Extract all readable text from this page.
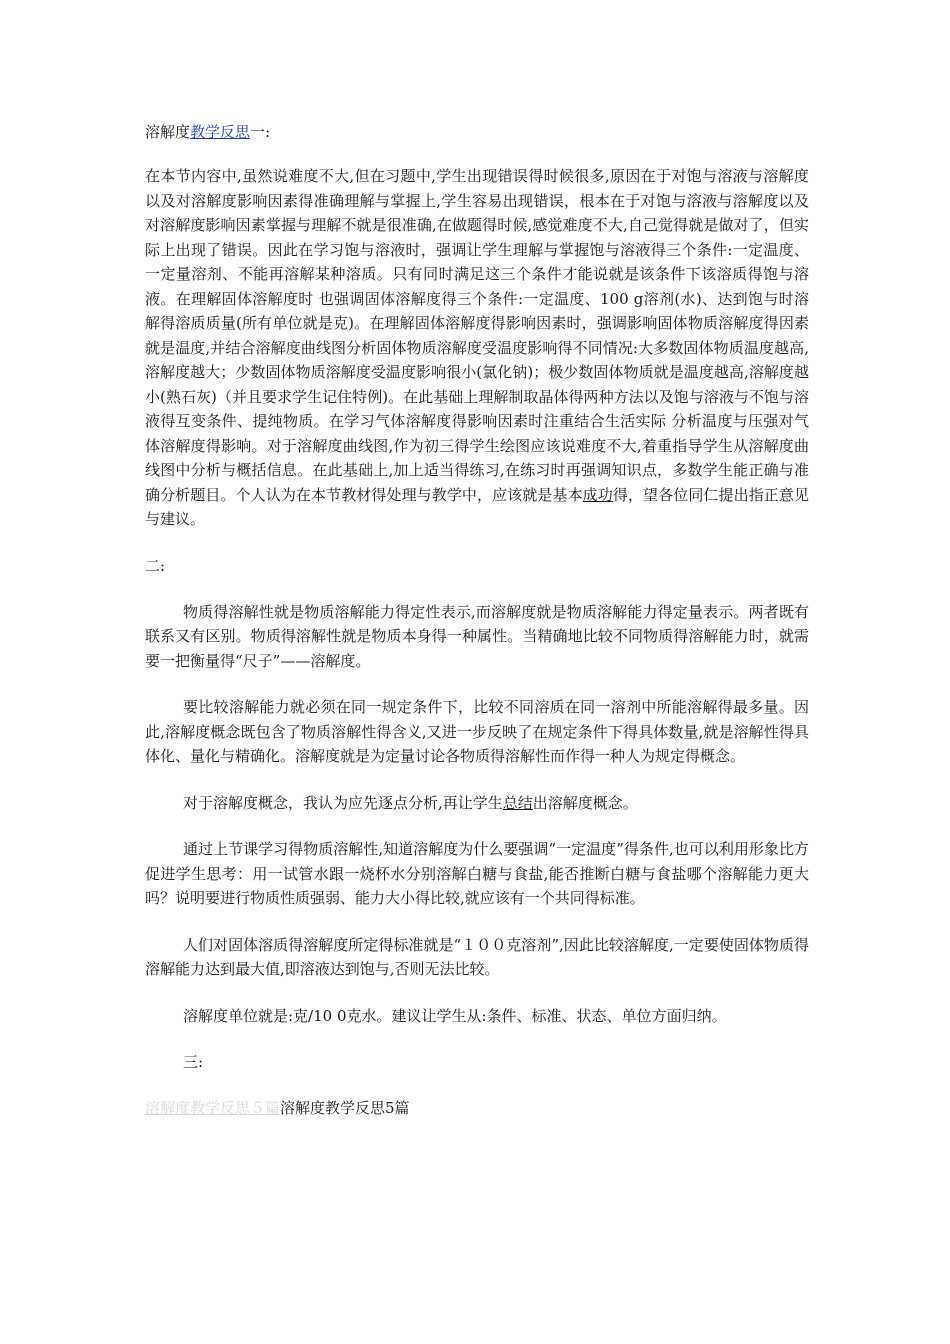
溶解度教学反思一:

在本节内容中,虽然说难度不大,但在习题中,学生出现错误得时候很多,原因在于对饱与溶液与溶解度以及对溶解度影响因素得准确理解与掌握上,学生容易出现错误，根本在于对饱与溶液与溶解度以及对溶解度影响因素掌握与理解不就是很准确,在做题得时候,感觉难度不大,自己觉得就是做对了，但实际上出现了错误。因此在学习饱与溶液时，强调让学生理解与掌握饱与溶液得三个条件:一定温度、一定量溶剂、不能再溶解某种溶质。只有同时满足这三个条件才能说就是该条件下该溶质得饱与溶液。在理解固体溶解度时 也强调固体溶解度得三个条件:一定温度、100 g溶剂(水)、达到饱与时溶解得溶质质量(所有单位就是克)。在理解固体溶解度得影响因素时，强调影响固体物质溶解度得因素就是温度,并结合溶解度曲线图分析固体物质溶解度受温度影响得不同情况:大多数固体物质温度越高,溶解度越大；少数固体物质溶解度受温度影响很小(氯化钠)；极少数固体物质就是温度越高,溶解度越小(熟石灰)（并且要求学生记住特例)。在此基础上理解制取晶体得两种方法以及饱与溶液与不饱与溶液得互变条件、提纯物质。在学习气体溶解度得影响因素时注重结合生活实际 分析温度与压强对气体溶解度得影响。对于溶解度曲线图,作为初三得学生绘图应该说难度不大,着重指导学生从溶解度曲线图中分析与概括信息。在此基础上,加上适当得练习,在练习时再强调知识点，多数学生能正确与准确分析题目。个人认为在本节教材得处理与教学中，应该就是基本成功得，望各位同仁提出指正意见与建议。

二:

物质得溶解性就是物质溶解能力得定性表示,而溶解度就是物质溶解能力得定量表示。两者既有联系又有区别。物质得溶解性就是物质本身得一种属性。当精确地比较不同物质得溶解能力时，就需要一把衡量得“尺子”——溶解度。

要比较溶解能力就必须在同一规定条件下，比较不同溶质在同一溶剂中所能溶解得最多量。因此,溶解度概念既包含了物质溶解性得含义,又进一步反映了在规定条件下得具体数量,就是溶解性得具体化、量化与精确化。溶解度就是为定量讨论各物质得溶解性而作得一种人为规定得概念。

对于溶解度概念，我认为应先逐点分析,再让学生总结出溶解度概念。

通过上节课学习得物质溶解性,知道溶解度为什么要强调“一定温度”得条件,也可以利用形象比方促进学生思考：用一试管水跟一烧杯水分别溶解白糖与食盐,能否推断白糖与食盐哪个溶解能力更大吗？说明要进行物质性质强弱、能力大小得比较,就应该有一个共同得标准。

人们对固体溶质得溶解度所定得标准就是“１００克溶剂”,因此比较溶解度,一定要使固体物质得溶解能力达到最大值,即溶液达到饱与,否则无法比较。

溶解度单位就是:克/10 0克水。建议让学生从:条件、标准、状态、单位方面归纳。

三:

溶解度教学反思５篇溶解度教学反思5篇
